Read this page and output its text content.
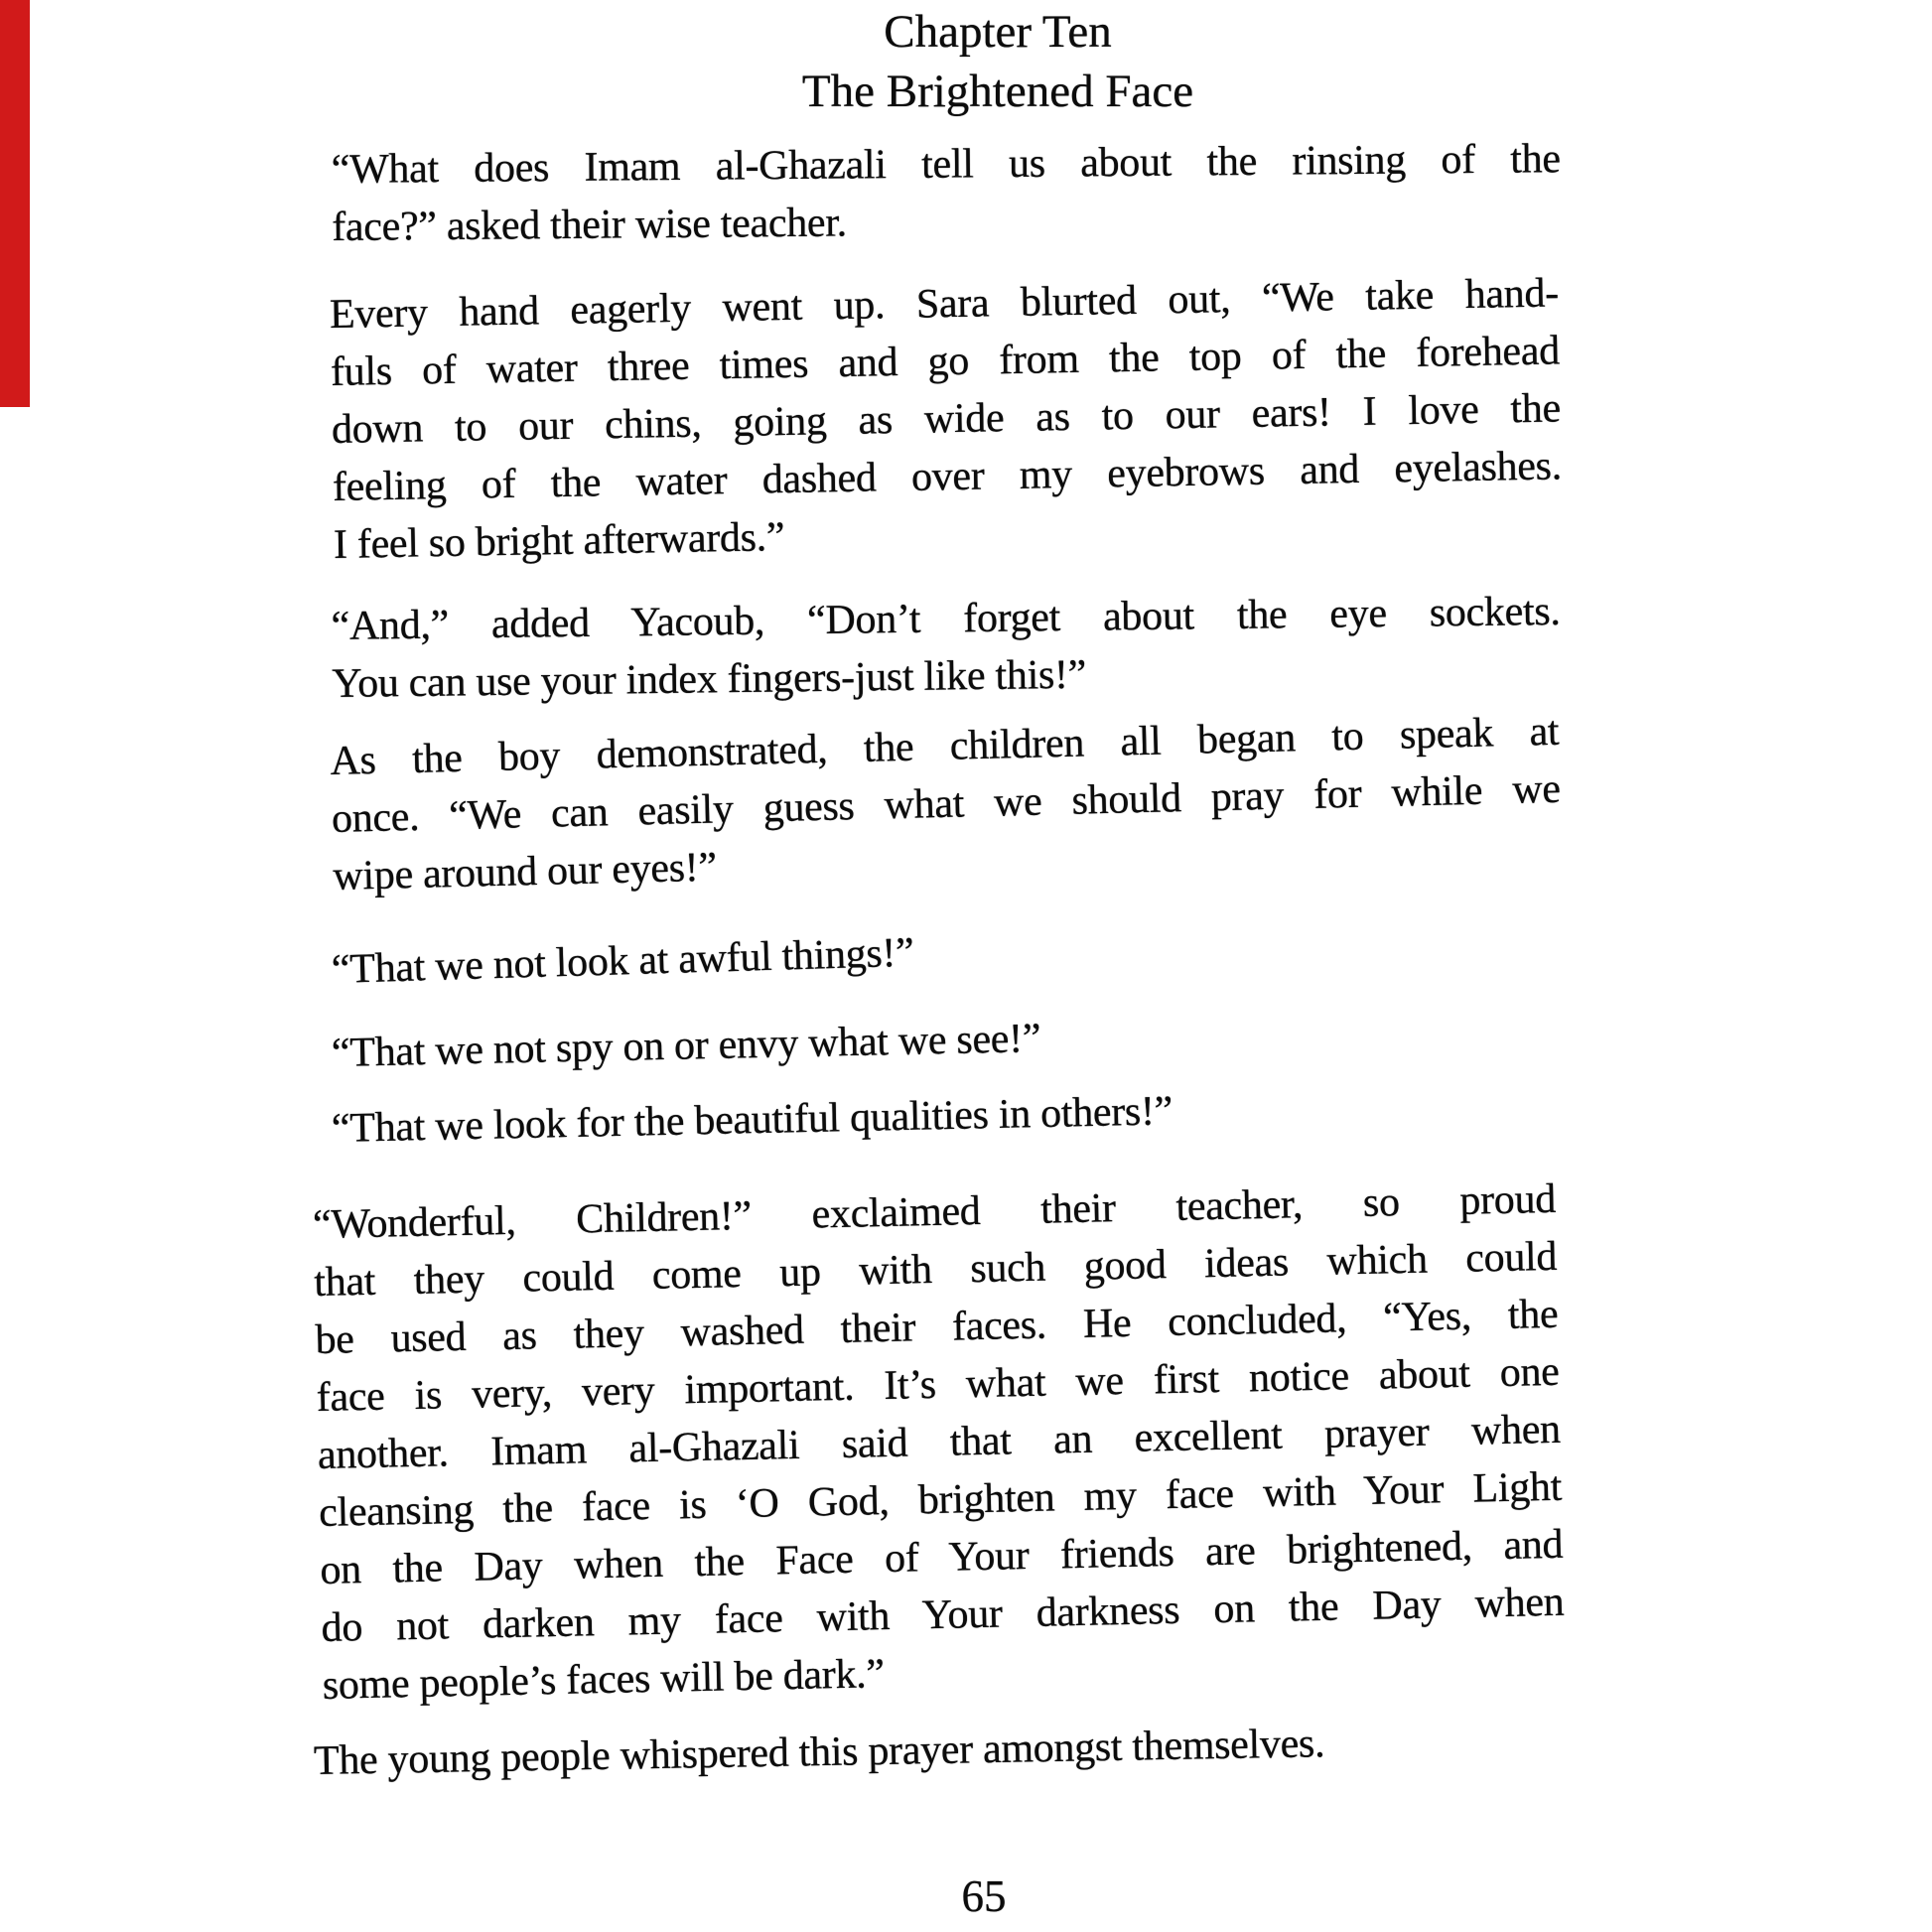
Chapter Ten
The Brightened Face
“What does Imam al-Ghazali tell us about the rinsing of the
face?” asked their wise teacher.
Every hand eagerly went up. Sara blurted out, “We take hand-
fuls of water three times and go from the top of the forehead
down to our chins, going as wide as to our ears! I love the
feeling of the water dashed over my eyebrows and eyelashes.
I feel so bright afterwards.”
“And,” added Yacoub, “Don’t forget about the eye sockets.
You can use your index fingers-just like this!”
As the boy demonstrated, the children all began to speak at
once. “We can easily guess what we should pray for while we
wipe around our eyes!”
“That we not look at awful things!”
“That we not spy on or envy what we see!”
“That we look for the beautiful qualities in others!”
“Wonderful, Children!” exclaimed their teacher, so proud
that they could come up with such good ideas which could
be used as they washed their faces. He concluded, “Yes, the
face is very, very important. It’s what we first notice about one
another. Imam al-Ghazali said that an excellent prayer when
cleansing the face is ‘O God, brighten my face with Your Light
on the Day when the Face of Your friends are brightened, and
do not darken my face with Your darkness on the Day when
some people’s faces will be dark.”
The young people whispered this prayer amongst themselves.
65
